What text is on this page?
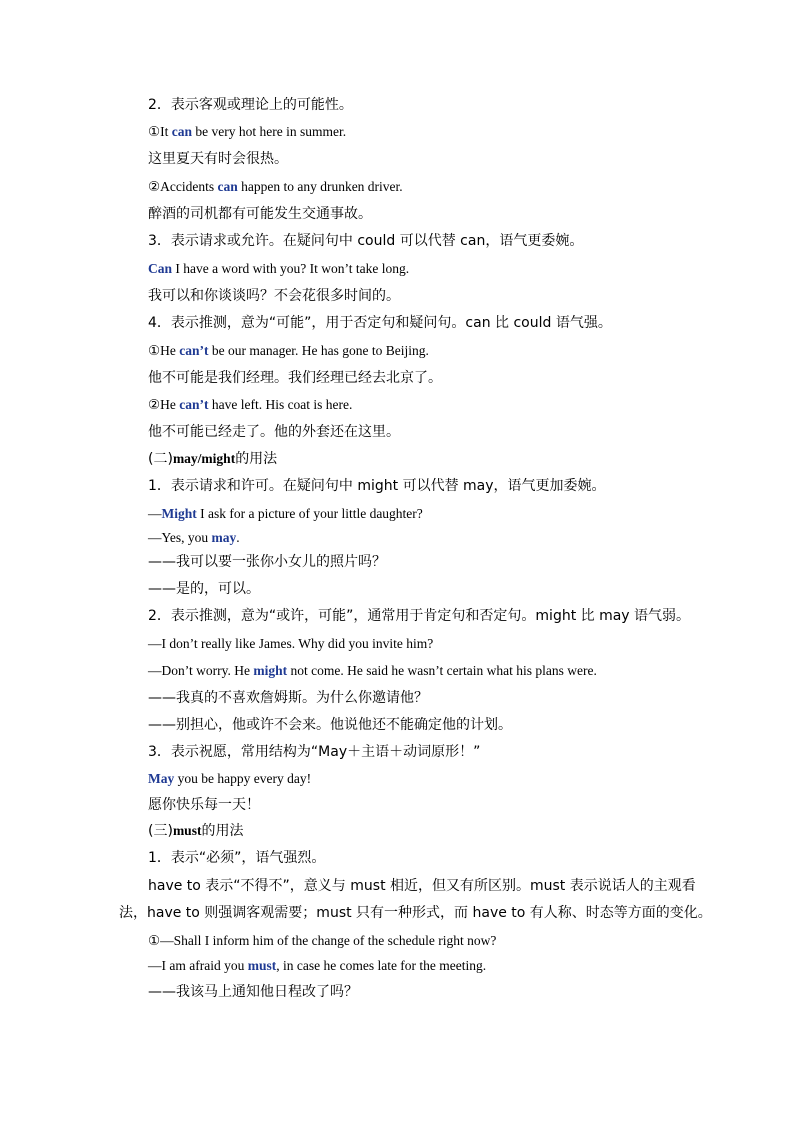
2．表示客观或理论上的可能性。
①It can be very hot here in summer.
这里夏天有时会很热。
②Accidents can happen to any drunken driver.
醉酒的司机都有可能发生交通事故。
3．表示请求或允许。在疑问句中 could 可以代替 can，语气更委婉。
Can I have a word with you? It won’t take long.
我可以和你谈谈吗？不会花很多时间的。
4．表示推测，意为“可能”，用于否定句和疑问句。can 比 could 语气强。
①He can’t be our manager. He has gone to Beijing.
他不可能是我们经理。我们经理已经去北京了。
②He can’t have left. His coat is here.
他不可能已经走了。他的外套还在这里。
(二)may/might的用法
1．表示请求和许可。在疑问句中 might 可以代替 may，语气更加委婉。
—Might I ask for a picture of your little daughter?
—Yes, you may.
——我可以要一张你小女儿的照片吗？
——是的，可以。
2．表示推测，意为“或许，可能”，通常用于肯定句和否定句。might 比 may 语气弱。
—I don’t really like James. Why did you invite him?
—Don’t worry. He might not come. He said he wasn’t certain what his plans were.
——我真的不喜欢詹姆斯。为什么你邀请他？
——别担心，他或许不会来。他说他还不能确定他的计划。
3．表示祝愿，常用结构为“May＋主语＋动词原形！”
May you be happy every day!
愿你快乐每一天！
(三)must的用法
1．表示“必须”，语气强烈。
have to 表示“不得不”，意义与 must 相近，但又有所区别。must 表示说话人的主观看
法，have to 则强调客观需要；must 只有一种形式，而 have to 有人称、时态等方面的变化。
①—Shall I inform him of the change of the schedule right now?
—I am afraid you must, in case he comes late for the meeting.
——我该马上通知他日程改了吗？
